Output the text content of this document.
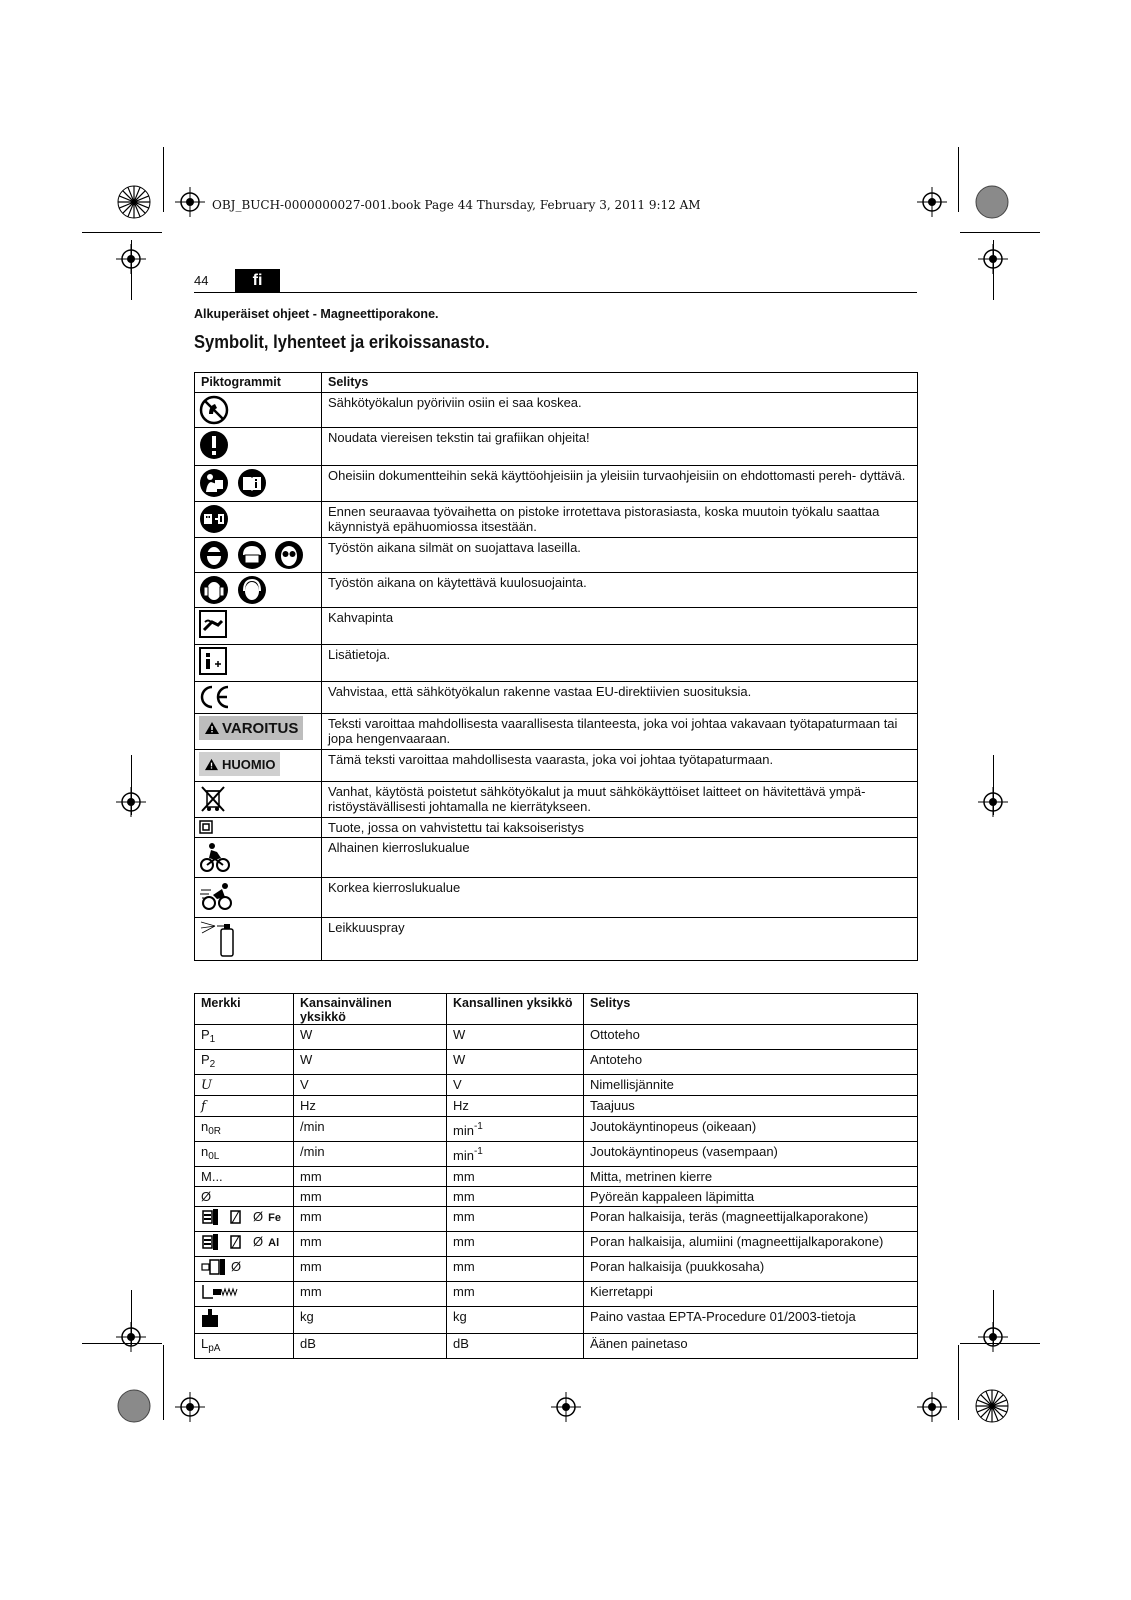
OBJ_BUCH-0000000027-001.book Page 44 Thursday, February 3, 2011 9:12 AM
44	fi
Alkuperäiset ohjeet - Magneettiporakone.
Symbolit, lyhenteet ja erikoissanasto.
Piktogrammit	Selitys
	Sähkötyökalun pyöriviin osiin ei saa koskea.
	Noudata viereisen tekstin tai grafiikan ohjeita!
	Oheisiin dokumentteihin sekä käyttöohjeisiin ja yleisiin turvaohjeisiin on ehdottomasti pereh- dyttävä.
	Ennen seuraavaa työvaihetta on pistoke irrotettava pistorasiasta, koska muutoin työkalu saattaa käynnistyä epähuomiossa itsestään.
	Työstön aikana silmät on suojattava laseilla.
	Työstön aikana on käytettävä kuulosuojainta.
	Kahvapinta
	Lisätietoja.
	Vahvistaa, että sähkötyökalun rakenne vastaa EU-direktiivien suosituksia.

VAROITUS	Teksti varoittaa mahdollisesta vaarallisesta tilanteesta, joka voi johtaa vakavaan työtapaturmaan tai jopa hengenvaaraan.

HUOMIO	Tämä teksti varoittaa mahdollisesta vaarasta, joka voi johtaa työtapaturmaan.
	Vanhat, käytöstä poistetut sähkötyökalut ja muut sähkökäyttöiset laitteet on hävitettävä ympä- ristöystävällisesti johtamalla ne kierrätykseen.
	Tuote, jossa on vahvistettu tai kaksoiseristys
	Alhainen kierroslukualue
	Korkea kierroslukualue
	Leikkuuspray
Merkki	Kansainvälinen yksikkö	Kansallinen yksikkö	Selitys
$P_1$	W	W	Ottoteho
$P_2$	W	W	Antoteho
U	V	V	Nimellisjännite
f	Hz	Hz	Taajuus
$n_{0R}$	/min	$\min^{-1}$	Joutokäyntinopeus (oikeaan)
$n_{0L}$	/min	$\min^{-1}$	Joutokäyntinopeus (vasempaan)
M...	mm	mm	Mitta, metrinen kierre
Ø	mm	mm	Pyöreän kappaleen läpimitta
Ø Fe	mm	mm	Poran halkaisija, teräs (magneettijalkaporakone)
Ø Al	mm	mm	Poran halkaisija, alumiini (magneettijalkaporakone)
Ø	mm	mm	Poran halkaisija (puukkosaha)
	mm	mm	Kierretappi
	kg	kg	Paino vastaa EPTA-Procedure 01/2003-tietoja
$L_{pA}$	dB	dB	Äänen painetaso
